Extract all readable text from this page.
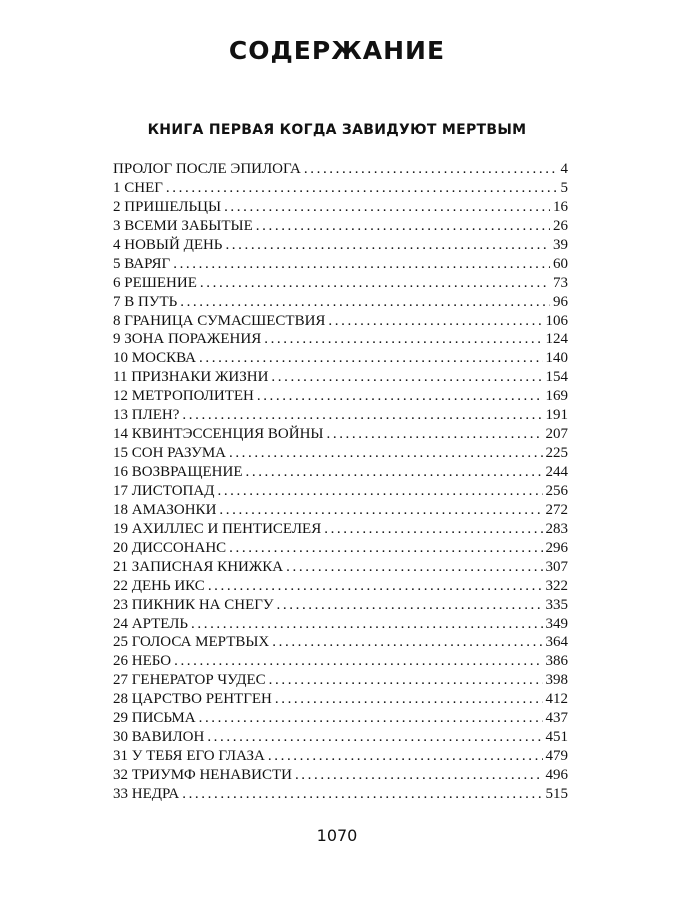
СОДЕРЖАНИЕ
КНИГА ПЕРВАЯ КОГДА ЗАВИДУЮТ МЕРТВЫМ
ПРОЛОГ ПОСЛЕ ЭПИЛОГА .....	4
1 СНЕГ .....	5
2 ПРИШЕЛЬЦЫ .....	16
3 ВСЕМИ ЗАБЫТЫЕ .....	26
4 НОВЫЙ ДЕНЬ .....	39
5 ВАРЯГ .....	60
6 РЕШЕНИЕ .....	73
7 В ПУТЬ .....	96
8 ГРАНИЦА СУМАСШЕСТВИЯ .....	106
9 ЗОНА ПОРАЖЕНИЯ .....	124
10 МОСКВА .....	140
11 ПРИЗНАКИ ЖИЗНИ .....	154
12 МЕТРОПОЛИТЕН .....	169
13 ПЛЕН? .....	191
14 КВИНТЭССЕНЦИЯ ВОЙНЫ .....	207
15 СОН РАЗУМА .....	225
16 ВОЗВРАЩЕНИЕ .....	244
17 ЛИСТОПАД .....	256
18 АМАЗОНКИ .....	272
19 АХИЛЛЕС И ПЕНТИСЕЛЕЯ .....	283
20 ДИССОНАНС .....	296
21 ЗАПИСНАЯ КНИЖКА .....	307
22 ДЕНЬ ИКС .....	322
23 ПИКНИК НА СНЕГУ .....	335
24 АРТЕЛЬ .....	349
25 ГОЛОСА МЕРТВЫХ .....	364
26 НЕБО .....	386
27 ГЕНЕРАТОР ЧУДЕС .....	398
28 ЦАРСТВО РЕНТГЕН .....	412
29 ПИСЬМА .....	437
30 ВАВИЛОН .....	451
31 У ТЕБЯ ЕГО ГЛАЗА .....	479
32 ТРИУМФ НЕНАВИСТИ .....	496
33 НЕДРА .....	515
1070
